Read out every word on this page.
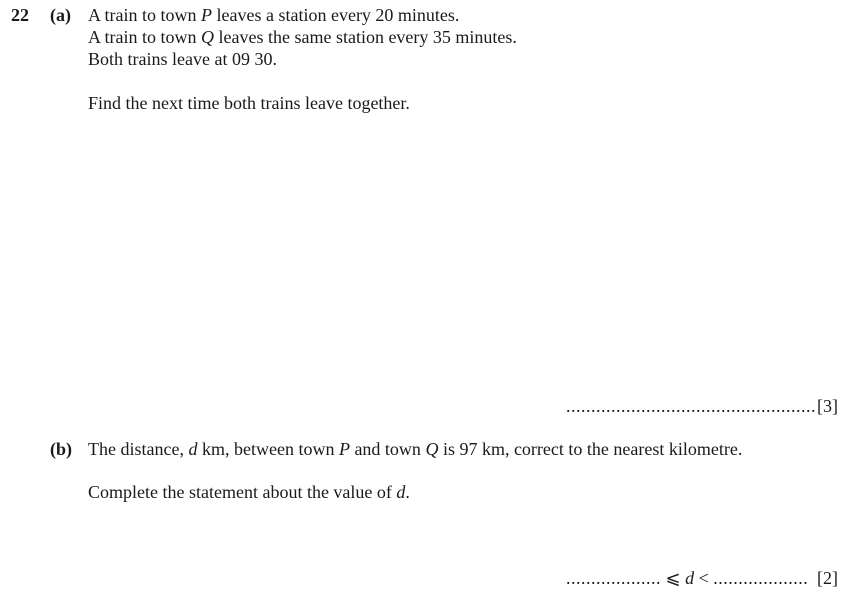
22 (a) A train to town P leaves a station every 20 minutes.
A train to town Q leaves the same station every 35 minutes.
Both trains leave at 09 30.
Find the next time both trains leave together.
.................................................. [3]
(b) The distance, d km, between town P and town Q is 97 km, correct to the nearest kilometre.
Complete the statement about the value of d.
................... ⩽ d < ................... [2]
